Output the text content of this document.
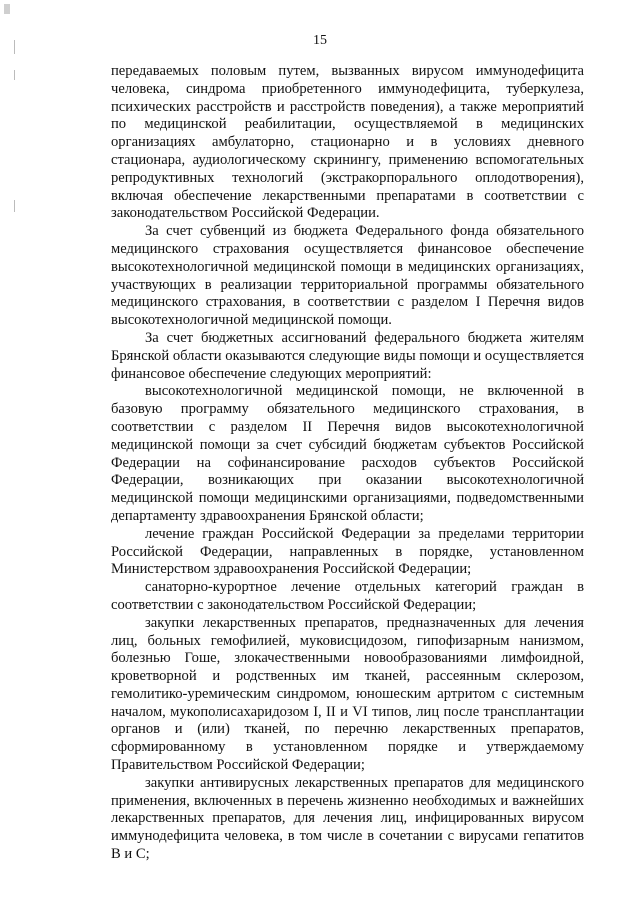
15

передаваемых половым путем, вызванных вирусом иммунодефицита человека, синдрома приобретенного иммунодефицита, туберкулеза, психических расстройств и расстройств поведения), а также мероприятий по медицинской реабилитации, осуществляемой в медицинских организациях амбулаторно, стационарно и в условиях дневного стационара, аудиологическому скринингу, применению вспомогательных репродуктивных технологий (экстракорпорального оплодотворения), включая обеспечение лекарственными препаратами в соответствии с законодательством Российской Федерации.

За счет субвенций из бюджета Федерального фонда обязательного медицинского страхования осуществляется финансовое обеспечение высокотехнологичной медицинской помощи в медицинских организациях, участвующих в реализации территориальной программы обязательного медицинского страхования, в соответствии с разделом I Перечня видов высокотехнологичной медицинской помощи.

За счет бюджетных ассигнований федерального бюджета жителям Брянской области оказываются следующие виды помощи и осуществляется финансовое обеспечение следующих мероприятий:

высокотехнологичной медицинской помощи, не включенной в базовую программу обязательного медицинского страхования, в соответствии с разделом II Перечня видов высокотехнологичной медицинской помощи за счет субсидий бюджетам субъектов Российской Федерации на софинансирование расходов субъектов Российской Федерации, возникающих при оказании высокотехнологичной медицинской помощи медицинскими организациями, подведомственными департаменту здравоохранения Брянской области;

лечение граждан Российской Федерации за пределами территории Российской Федерации, направленных в порядке, установленном Министерством здравоохранения Российской Федерации;

санаторно-курортное лечение отдельных категорий граждан в соответствии с законодательством Российской Федерации;

закупки лекарственных препаратов, предназначенных для лечения лиц, больных гемофилией, муковисцидозом, гипофизарным нанизмом, болезнью Гоше, злокачественными новообразованиями лимфоидной, кроветворной и родственных им тканей, рассеянным склерозом, гемолитико-уремическим синдромом, юношеским артритом с системным началом, мукополисахаридозом I, II и VI типов, лиц после трансплантации органов и (или) тканей, по перечню лекарственных препаратов, сформированному в установленном порядке и утверждаемому Правительством Российской Федерации;

закупки антивирусных лекарственных препаратов для медицинского применения, включенных в перечень жизненно необходимых и важнейших лекарственных препаратов, для лечения лиц, инфицированных вирусом иммунодефицита человека, в том числе в сочетании с вирусами гепатитов В и С;
